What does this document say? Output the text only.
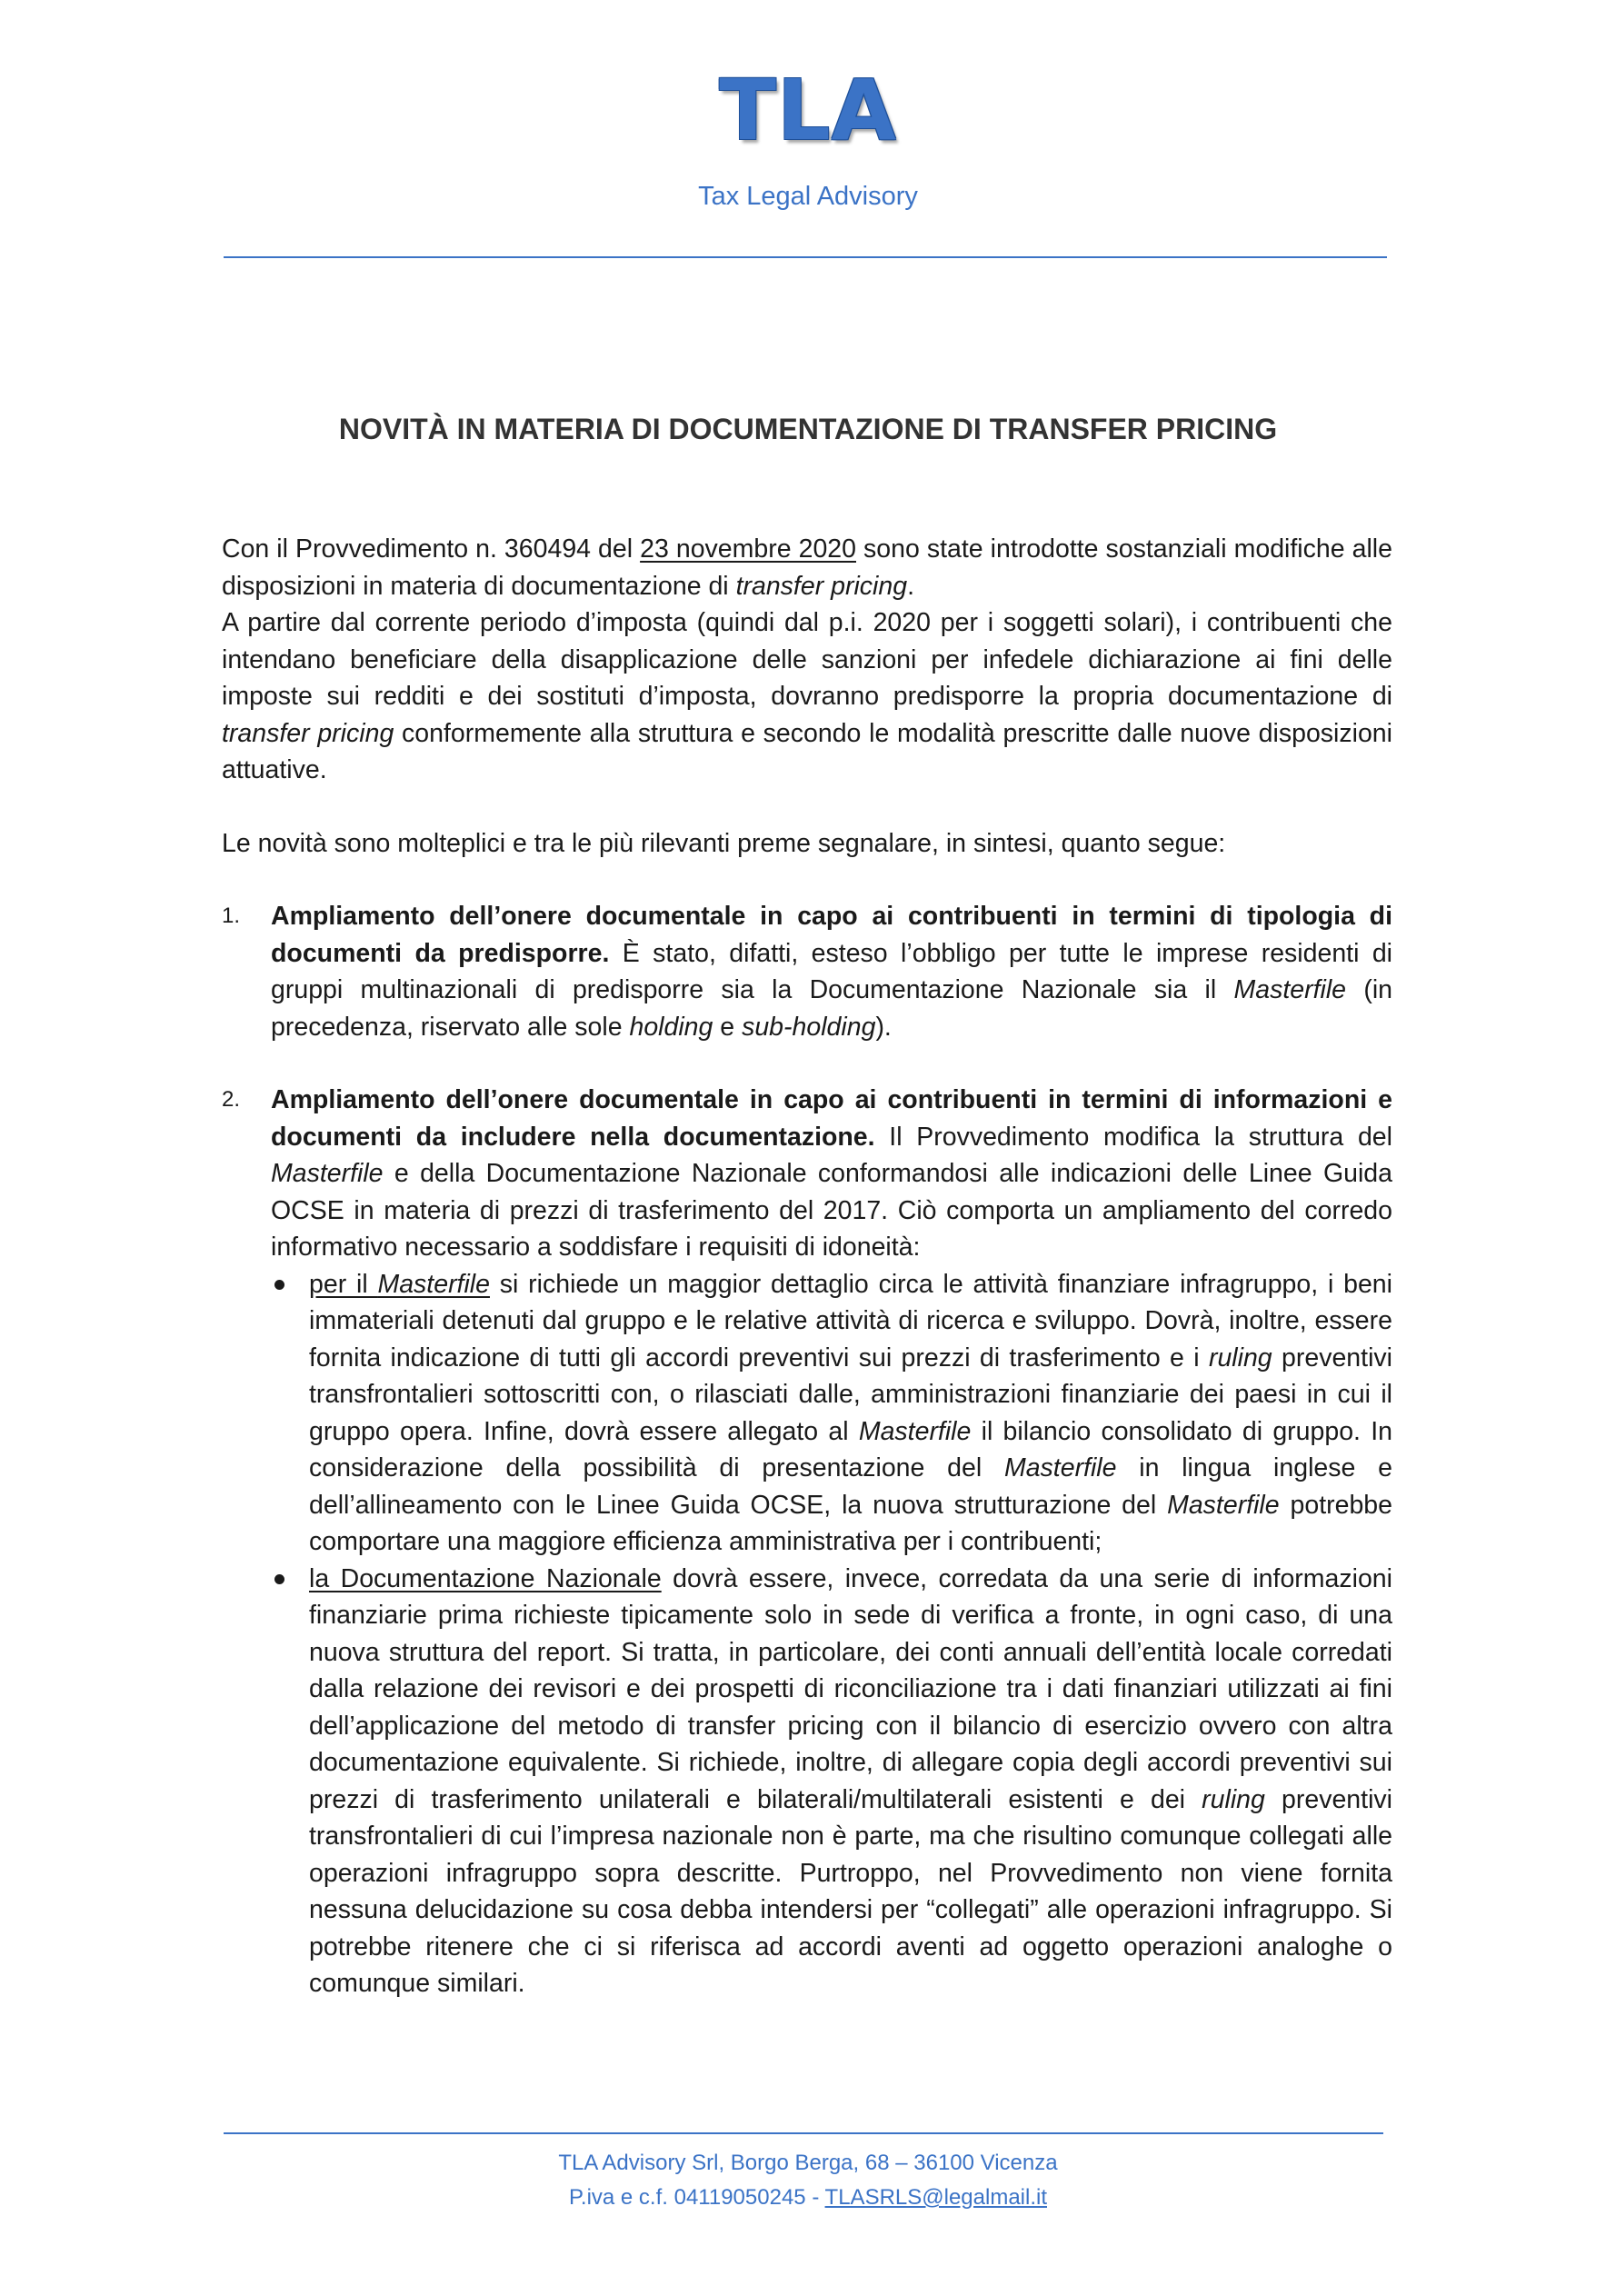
TLA
Tax Legal Advisory
NOVITÀ IN MATERIA DI DOCUMENTAZIONE DI TRANSFER PRICING

Con il Provvedimento n. 360494 del 23 novembre 2020 sono state introdotte sostanziali modifiche alle disposizioni in materia di documentazione di transfer pricing.

A partire dal corrente periodo d’imposta (quindi dal p.i. 2020 per i soggetti solari), i contribuenti che intendano beneficiare della disapplicazione delle sanzioni per infedele dichiarazione ai fini delle imposte sui redditi e dei sostituti d’imposta, dovranno predisporre la propria documentazione di transfer pricing conformemente alla struttura e secondo le modalità prescritte dalle nuove disposizioni attuative.

Le novità sono molteplici e tra le più rilevanti preme segnalare, in sintesi, quanto segue:

1. Ampliamento dell’onere documentale in capo ai contribuenti in termini di tipologia di documenti da predisporre. È stato, difatti, esteso l’obbligo per tutte le imprese residenti di gruppi multinazionali di predisporre sia la Documentazione Nazionale sia il Masterfile (in precedenza, riservato alle sole holding e sub-holding).
2. Ampliamento dell’onere documentale in capo ai contribuenti in termini di informazioni e documenti da includere nella documentazione. Il Provvedimento modifica la struttura del Masterfile e della Documentazione Nazionale conformandosi alle indicazioni delle Linee Guida OCSE in materia di prezzi di trasferimento del 2017. Ciò comporta un ampliamento del corredo informativo necessario a soddisfare i requisiti di idoneità:
per il Masterfile si richiede un maggior dettaglio circa le attività finanziare infragruppo, i beni immateriali detenuti dal gruppo e le relative attività di ricerca e sviluppo. Dovrà, inoltre, essere fornita indicazione di tutti gli accordi preventivi sui prezzi di trasferimento e i ruling preventivi transfrontalieri sottoscritti con, o rilasciati dalle, amministrazioni finanziarie dei paesi in cui il gruppo opera. Infine, dovrà essere allegato al Masterfile il bilancio consolidato di gruppo. In considerazione della possibilità di presentazione del Masterfile in lingua inglese e dell’allineamento con le Linee Guida OCSE, la nuova strutturazione del Masterfile potrebbe comportare una maggiore efficienza amministrativa per i contribuenti;
la Documentazione Nazionale dovrà essere, invece, corredata da una serie di informazioni finanziarie prima richieste tipicamente solo in sede di verifica a fronte, in ogni caso, di una nuova struttura del report. Si tratta, in particolare, dei conti annuali dell’entità locale corredati dalla relazione dei revisori e dei prospetti di riconciliazione tra i dati finanziari utilizzati ai fini dell’applicazione del metodo di transfer pricing con il bilancio di esercizio ovvero con altra documentazione equivalente. Si richiede, inoltre, di allegare copia degli accordi preventivi sui prezzi di trasferimento unilaterali e bilaterali/multilaterali esistenti e dei ruling preventivi transfrontalieri di cui l’impresa nazionale non è parte, ma che risultino comunque collegati alle operazioni infragruppo sopra descritte. Purtroppo, nel Provvedimento non viene fornita nessuna delucidazione su cosa debba intendersi per “collegati” alle operazioni infragruppo. Si potrebbe ritenere che ci si riferisca ad accordi aventi ad oggetto operazioni analoghe o comunque similari.
TLA Advisory Srl, Borgo Berga, 68 – 36100 Vicenza
P.iva e c.f. 04119050245 - TLASRLS@legalmail.it
